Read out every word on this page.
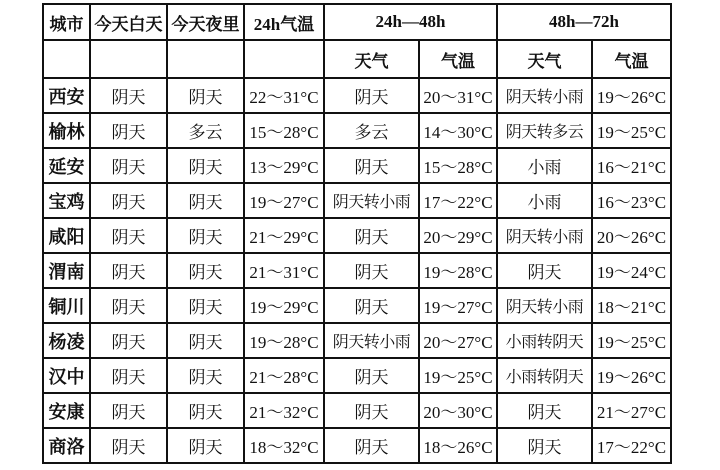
城市	今天白天	今天夜里	24h气温	24h—48h		48h—72h	
				天气	气温	天气	气温
西安	阴天	阴天	22～31°C	阴天	20～31°C	阴天转小雨	19～26°C
榆林	阴天	多云	15～28°C	多云	14～30°C	阴天转多云	19～25°C
延安	阴天	阴天	13～29°C	阴天	15～28°C	小雨	16～21°C
宝鸡	阴天	阴天	19～27°C	阴天转小雨	17～22°C	小雨	16～23°C
咸阳	阴天	阴天	21～29°C	阴天	20～29°C	阴天转小雨	20～26°C
渭南	阴天	阴天	21～31°C	阴天	19～28°C	阴天	19～24°C
铜川	阴天	阴天	19～29°C	阴天	19～27°C	阴天转小雨	18～21°C
杨凌	阴天	阴天	19～28°C	阴天转小雨	20～27°C	小雨转阴天	19～25°C
汉中	阴天	阴天	21～28°C	阴天	19～25°C	小雨转阴天	19～26°C
安康	阴天	阴天	21～32°C	阴天	20～30°C	阴天	21～27°C
商洛	阴天	阴天	18～32°C	阴天	18～26°C	阴天	17～22°C
